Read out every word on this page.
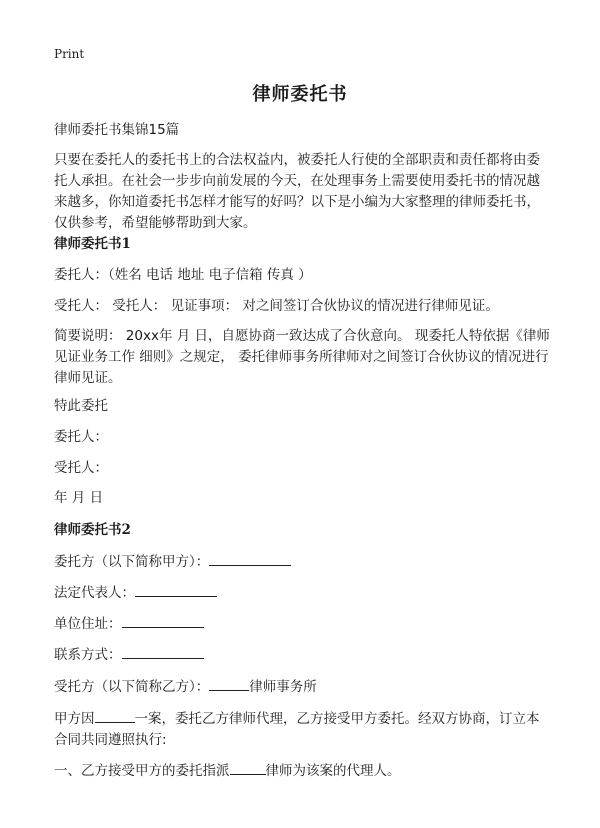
Print
律师委托书

律师委托书集锦15篇

只要在委托人的委托书上的合法权益内，被委托人行使的全部职责和责任都将由委托人承担。在社会一步步向前发展的今天，在处理事务上需要使用委托书的情况越来越多，你知道委托书怎样才能写的好吗？以下是小编为大家整理的律师委托书，仅供参考，希望能够帮助到大家。

律师委托书1

委托人：（姓名 电话 地址 电子信箱 传真 ）

受托人： 受托人： 见证事项： 对之间签订合伙协议的情况进行律师见证。

简要说明： 20xx年 月 日，自愿协商一致达成了合伙意向。 现委托人特依据《律师见证业务工作 细则》之规定， 委托律师事务所律师对之间签订合伙协议的情况进行律师见证。

特此委托

委托人：

受托人：

年 月 日

律师委托书2

委托方（以下简称甲方）：

法定代表人：

单位住址：

联系方式：

受托方（以下简称乙方）：	律师事务所

甲方因	一案，委托乙方律师代理，乙方接受甲方委托。经双方协商，订立本合同共同遵照执行:

一、乙方接受甲方的委托指派	律师为该案的代理人。
